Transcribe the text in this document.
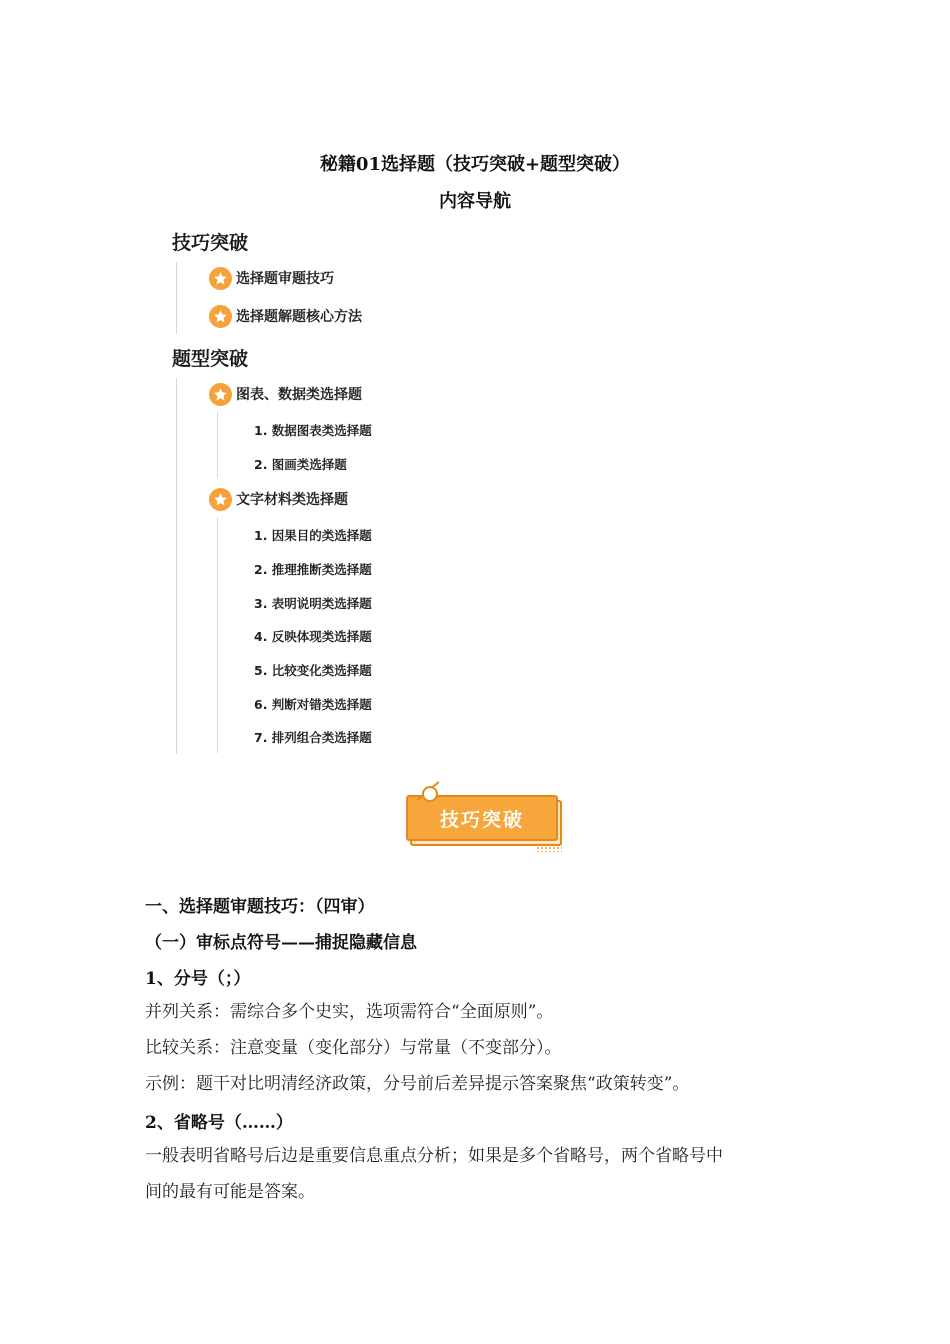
秘籍01选择题（技巧突破+题型突破）
内容导航
技巧突破
选择题审题技巧
选择题解题核心方法
题型突破
图表、数据类选择题
1. 数据图表类选择题
2. 图画类选择题
文字材料类选择题
1. 因果目的类选择题
2. 推理推断类选择题
3. 表明说明类选择题
4. 反映体现类选择题
5. 比较变化类选择题
6. 判断对错类选择题
7. 排列组合类选择题
技巧突破
一、选择题审题技巧：（四审）
（一）审标点符号——捕捉隐藏信息
1、分号（；）
并列关系：需综合多个史实，选项需符合“全面原则”。
比较关系：注意变量（变化部分）与常量（不变部分）。
示例：题干对比明清经济政策，分号前后差异提示答案聚焦“政策转变”。
2、省略号（……）
一般表明省略号后边是重要信息重点分析；如果是多个省略号，两个省略号中
间的最有可能是答案。
